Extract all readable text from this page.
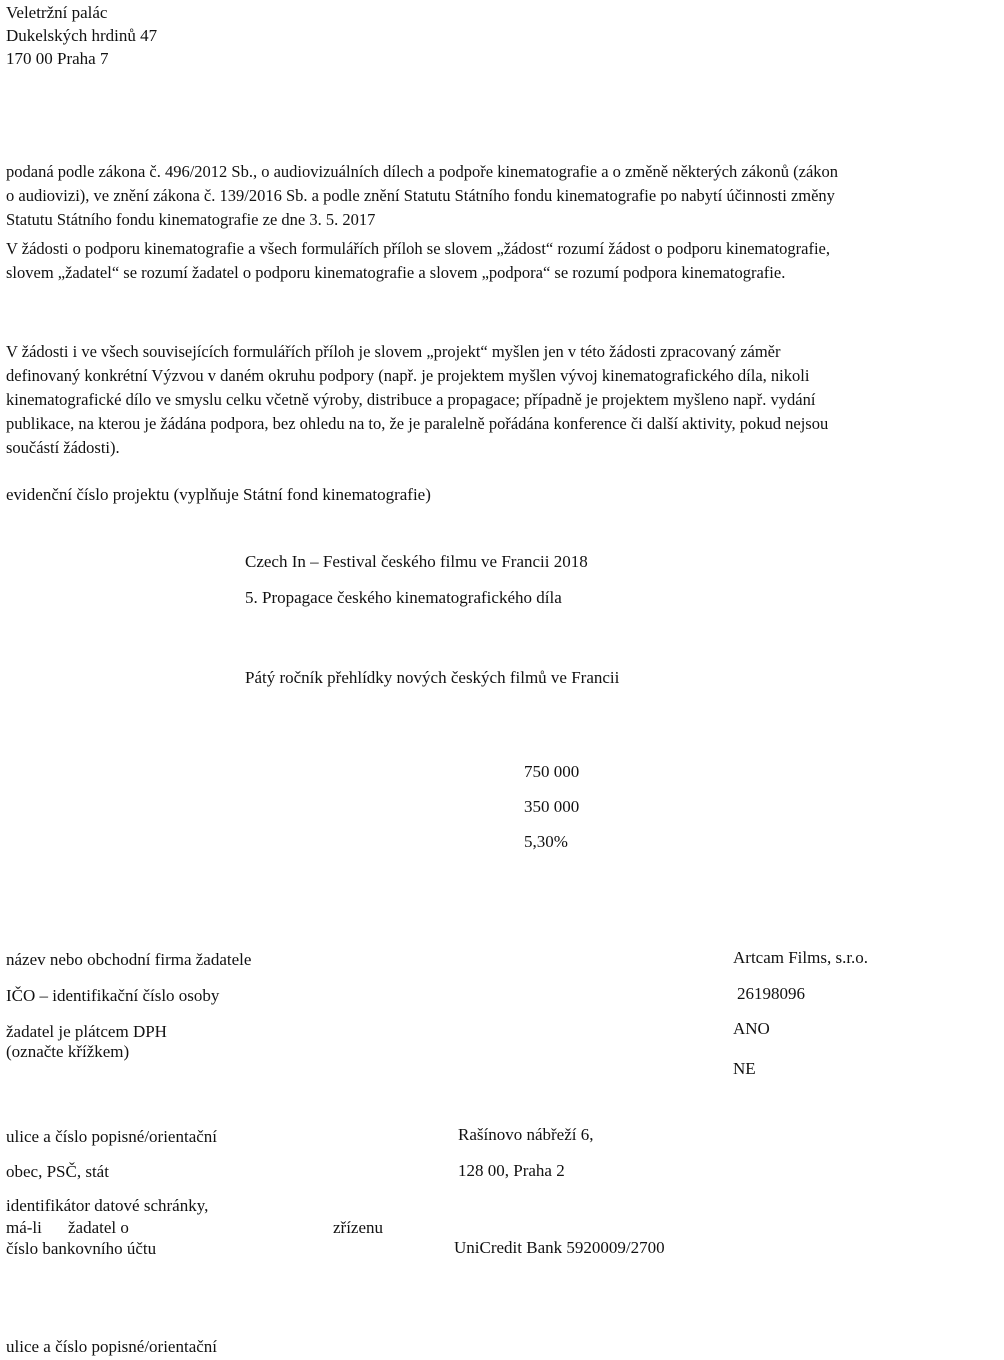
Veletržní palác
Dukelských hrdinů 47
170 00 Praha 7
podaná podle zákona č. 496/2012 Sb., o audiovizuálních dílech a podpoře kinematografie a o změně některých zákonů (zákon
o audiovizi), ve znění zákona č. 139/2016 Sb. a podle znění Statutu Státního fondu kinematografie po nabytí účinnosti změny
Statutu Státního fondu kinematografie ze dne 3. 5. 2017
V žádosti o podporu kinematografie a všech formulářích příloh se slovem „žádost“ rozumí žádost o podporu kinematografie,
slovem „žadatel“ se rozumí žadatel o podporu kinematografie a slovem „podpora“ se rozumí podpora kinematografie.
V žádosti i ve všech souvisejících formulářích příloh je slovem „projekt“ myšlen jen v této žádosti zpracovaný záměr
definovaný konkrétní Výzvou v daném okruhu podpory (např. je projektem myšlen vývoj kinematografického díla, nikoli
kinematografické dílo ve smyslu celku včetně výroby, distribuce a propagace; případně je projektem myšleno např. vydání
publikace, na kterou je žádána podpora, bez ohledu na to, že je paralelně pořádána konference či další aktivity, pokud nejsou
součástí žádosti).
evidenční číslo projektu (vyplňuje Státní fond kinematografie)
Czech In – Festival českého filmu ve Francii 2018
5. Propagace českého kinematografického díla
Pátý ročník přehlídky nových českých filmů ve Francii
750 000
350 000
5,30%
název nebo obchodní firma žadatele	Artcam Films, s.r.o.
IČO – identifikační číslo osoby	26198096
žadatel je plátcem DPH
(označte křížkem)
ANO
NE
ulice a číslo popisné/orientační	Rašínovo nábřeží 6,
obec, PSČ, stát	128 00, Praha 2
identifikátor datové schránky,
má-li žadatel o	zřízenu
číslo bankovního účtu	UniCredit Bank 5920009/2700
ulice a číslo popisné/orientační
